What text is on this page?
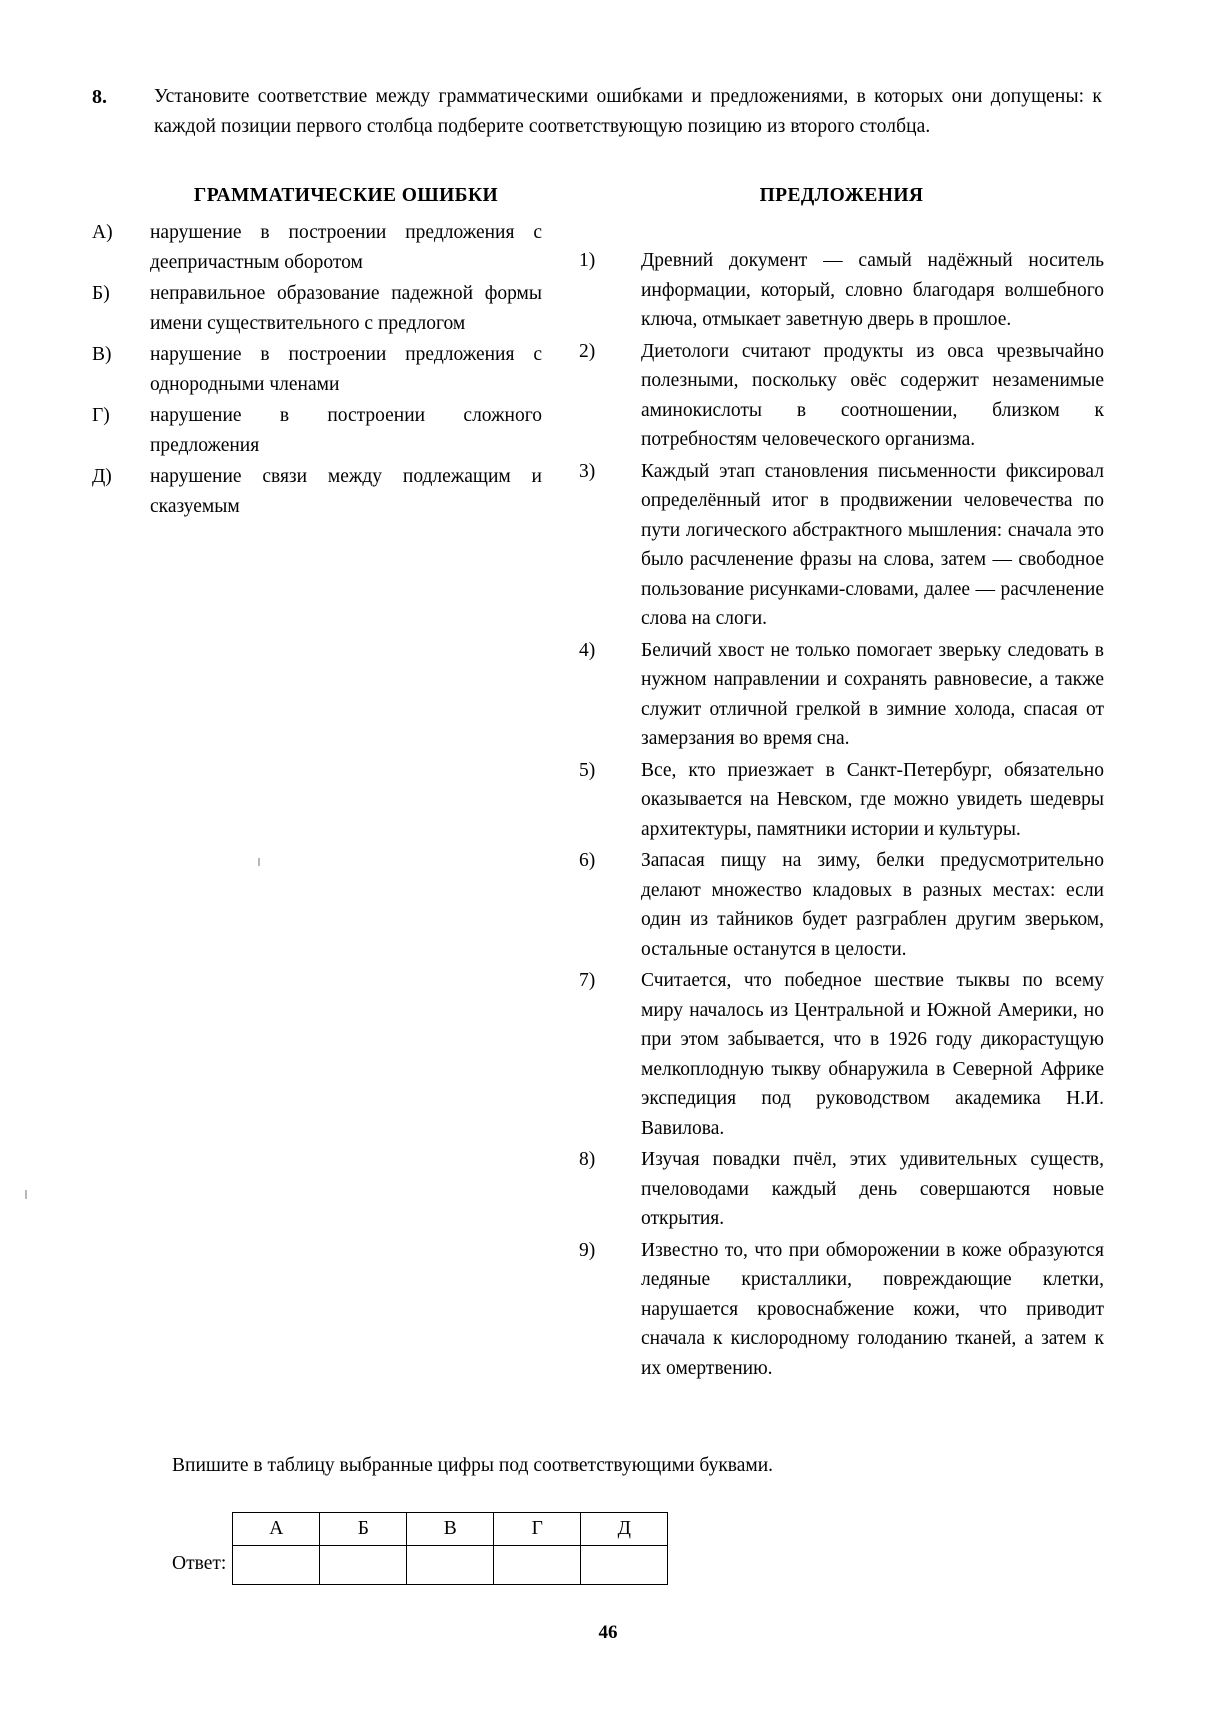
8.	Установите соответствие между грамматическими ошибками и предложениями, в которых они допущены: к каждой позиции первого столбца подберите соответствующую позицию из второго столбца.
ГРАММАТИЧЕСКИЕ ОШИБКИ
А)	нарушение в построении предложения с деепричастным оборотом
Б)	неправильное образование падежной формы имени существительного с предлогом
В)	нарушение в построении предложения с однородными членами
Г)	нарушение в построении сложного предложения
Д)	нарушение связи между подлежащим и сказуемым
ПРЕДЛОЖЕНИЯ
1)	Древний документ — самый надёжный носитель информации, который, словно благодаря волшебного ключа, отмыкает заветную дверь в прошлое.
2)	Диетологи считают продукты из овса чрезвычайно полезными, поскольку овёс содержит незаменимые аминокислоты в соотношении, близком к потребностям человеческого организма.
3)	Каждый этап становления письменности фиксировал определённый итог в продвижении человечества по пути логического абстрактного мышления: сначала это было расчленение фразы на слова, затем — свободное пользование рисунками-словами, далее — расчленение слова на слоги.
4)	Беличий хвост не только помогает зверьку следовать в нужном направлении и сохранять равновесие, а также служит отличной грелкой в зимние холода, спасая от замерзания во время сна.
5)	Все, кто приезжает в Санкт-Петербург, обязательно оказывается на Невском, где можно увидеть шедевры архитектуры, памятники истории и культуры.
6)	Запасая пищу на зиму, белки предусмотрительно делают множество кладовых в разных местах: если один из тайников будет разграблен другим зверьком, остальные останутся в целости.
7)	Считается, что победное шествие тыквы по всему миру началось из Центральной и Южной Америки, но при этом забывается, что в 1926 году дикорастущую мелкоплодную тыкву обнаружила в Северной Африке экспедиция под руководством академика Н.И. Вавилова.
8)	Изучая повадки пчёл, этих удивительных существ, пчеловодами каждый день совершаются новые открытия.
9)	Известно то, что при обморожении в коже образуются ледяные кристаллики, повреждающие клетки, нарушается кровоснабжение кожи, что приводит сначала к кислородному голоданию тканей, а затем к их омертвению.
Впишите в таблицу выбранные цифры под соответствующими буквами.
Ответ:
А	Б	В	Г	Д

46
